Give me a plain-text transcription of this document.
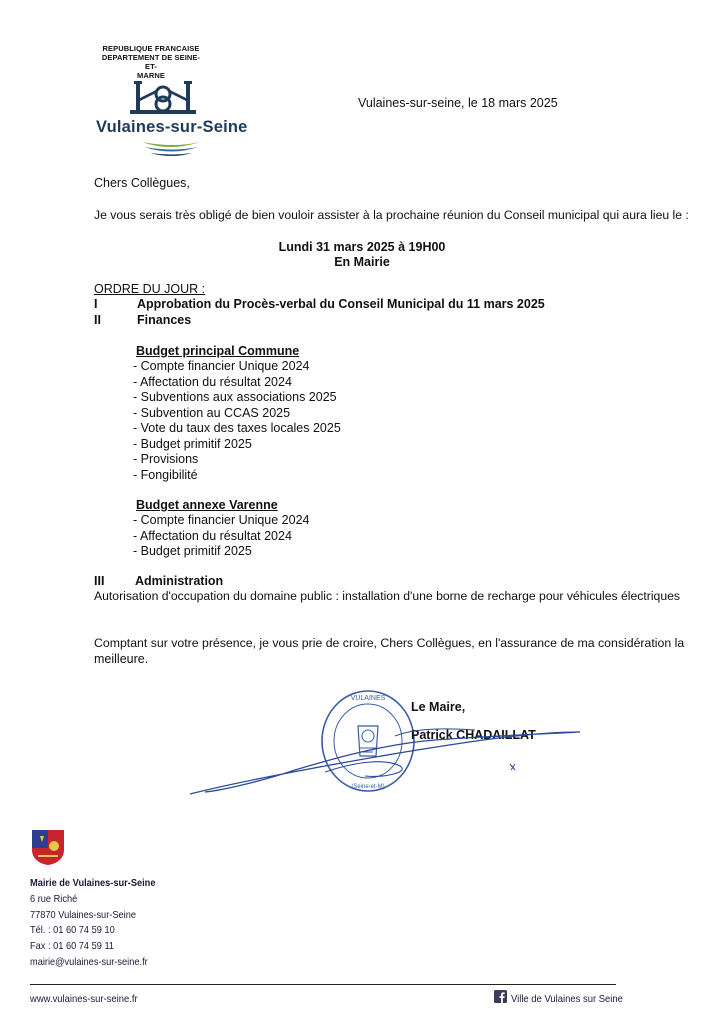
REPUBLIQUE FRANCAISE
DEPARTEMENT DE SEINE-ET-
MARNE
Vulaines-sur-Seine
Vulaines-sur-seine, le 18 mars 2025
Chers Collègues,
Je vous serais très obligé de bien vouloir assister à la prochaine réunion du Conseil municipal qui aura lieu le :
Lundi 31 mars 2025 à 19H00
En Mairie
ORDRE DU JOUR :
I	Approbation du Procès-verbal du Conseil Municipal du 11 mars 2025
II	Finances
Budget principal Commune
- Compte financier Unique 2024
- Affectation du résultat 2024
- Subventions aux associations 2025
- Subvention au CCAS 2025
- Vote du taux des taxes locales 2025
- Budget primitif 2025
- Provisions
- Fongibilité
Budget annexe Varenne
- Compte financier Unique 2024
- Affectation du résultat 2024
- Budget primitif 2025
III Administration
Autorisation d'occupation du domaine public : installation d'une borne de recharge pour véhicules électriques
Comptant sur votre présence, je vous prie de croire, Chers Collègues, en l'assurance de ma considération la
meilleure.
VULAINES
(Seine-et-M)
Le Maire,
Patrick CHADAILLAT
Mairie de Vulaines-sur-Seine
6 rue Riché
77870 Vulaines-sur-Seine
Tél. : 01 60 74 59 10
Fax : 01 60 74 59 11
mairie@vulaines-sur-seine.fr
www.vulaines-sur-seine.fr	Ville de Vulaines sur Seine
